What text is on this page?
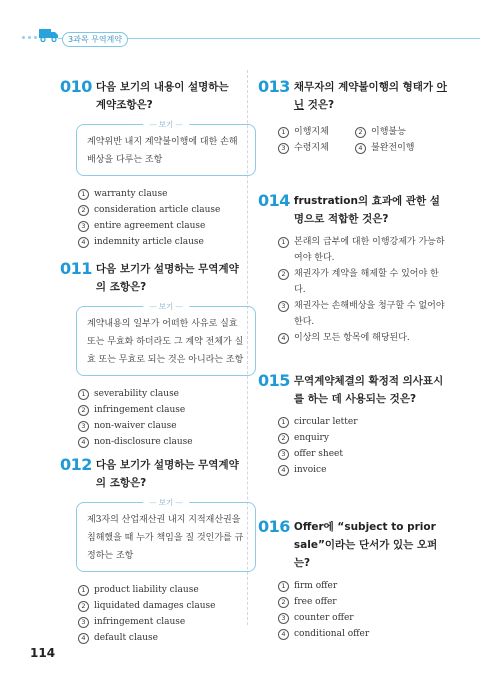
3과목 무역계약
010 다음 보기의 내용이 설명하는 계약조항은?
— 보기 —
계약위반 내지 계약불이행에 대한 손해배상을 다루는 조항
1 warranty clause
2 consideration article clause
3 entire agreement clause
4 indemnity article clause
011 다음 보기가 설명하는 무역계약의 조항은?
— 보기 —
계약내용의 일부가 어떠한 사유로 실효 또는 무효화 하더라도 그 계약 전체가 실효 또는 무효로 되는 것은 아니라는 조항
1 severability clause
2 infringement clause
3 non-waiver clause
4 non-disclosure clause
012 다음 보기가 설명하는 무역계약의 조항은?
— 보기 —
제3자의 산업재산권 내지 지적재산권을 침해했을 때 누가 책임을 질 것인가를 규정하는 조항
1 product liability clause
2 liquidated damages clause
3 infringement clause
4 default clause
013 채무자의 계약불이행의 형태가 아닌 것은?
1 이행지체	2 이행불능
3 수령지체	4 불완전이행
014 frustration의 효과에 관한 설명으로 적합한 것은?
1 본래의 급부에 대한 이행강제가 가능하여야 한다.
2 채권자가 계약을 해제할 수 있어야 한다.
3 채권자는 손해배상을 청구할 수 없어야 한다.
4 이상의 모든 항목에 해당된다.
015 무역계약체결의 확정적 의사표시를 하는 데 사용되는 것은?
1 circular letter
2 enquiry
3 offer sheet
4 invoice
016 Offer에 “subject to prior sale”이라는 단서가 있는 오퍼는?
1 firm offer
2 free offer
3 counter offer
4 conditional offer
114
